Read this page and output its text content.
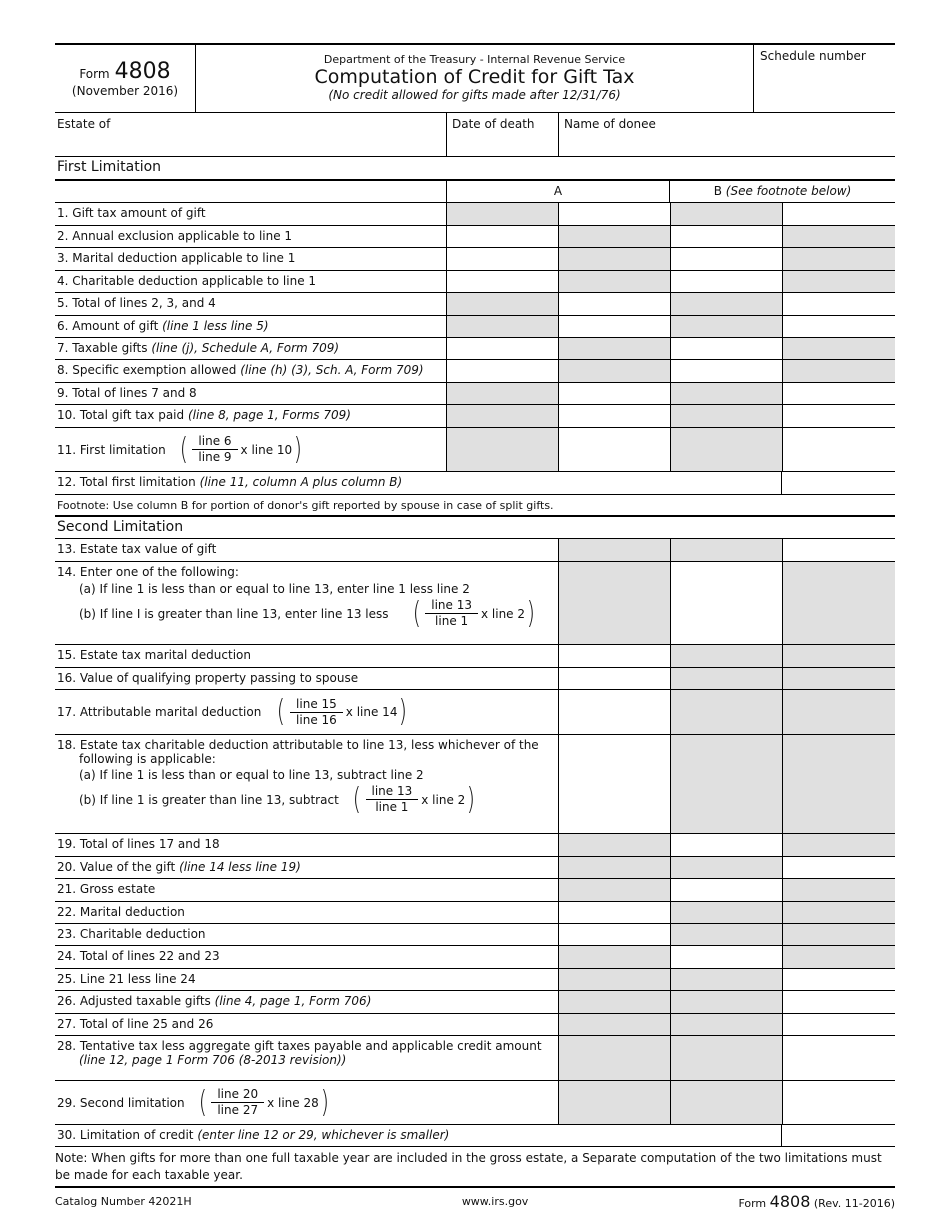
Form 4808
(November 2016)
Department of the Treasury - Internal Revenue Service
Computation of Credit for Gift Tax
(No credit allowed for gifts made after 12/31/76)
Schedule number
Estate of	Date of death	Name of donee
First Limitation
A	B (See footnote below)
1. Gift tax amount of gift
2. Annual exclusion applicable to line 1
3. Marital deduction applicable to line 1
4. Charitable deduction applicable to line 1
5. Total of lines 2, 3, and 4
6. Amount of gift (line 1 less line 5)
7. Taxable gifts (line (j), Schedule A, Form 709)
8. Specific exemption allowed (line (h) (3), Sch. A, Form 709)
9. Total of lines 7 and 8
10. Total gift tax paid (line 8, page 1, Forms 709)
11. First limitation ( $\frac{\text{line 6}}{\text{line 9}}$ x line 10 )
12. Total first limitation (line 11, column A plus column B)
Footnote: Use column B for portion of donor's gift reported by spouse in case of split gifts.
Second Limitation
13. Estate tax value of gift
14. Enter one of the following:
(a) If line 1 is less than or equal to line 13, enter line 1 less line 2
(b) If line I is greater than line 13, enter line 13 less ( $\frac{\text{line 13}}{\text{line 1}}$ x line 2 )
15. Estate tax marital deduction
16. Value of qualifying property passing to spouse
17. Attributable marital deduction ( $\frac{\text{line 15}}{\text{line 16}}$ x line 14 )
18. Estate tax charitable deduction attributable to line 13, less whichever of the
following is applicable:
(a) If line 1 is less than or equal to line 13, subtract line 2
(b) If line 1 is greater than line 13, subtract ( $\frac{\text{line 13}}{\text{line 1}}$ x line 2 )
19. Total of lines 17 and 18
20. Value of the gift (line 14 less line 19)
21. Gross estate
22. Marital deduction
23. Charitable deduction
24. Total of lines 22 and 23
25. Line 21 less line 24
26. Adjusted taxable gifts (line 4, page 1, Form 706)
27. Total of line 25 and 26
28. Tentative tax less aggregate gift taxes payable and applicable credit amount
(line 12, page 1 Form 706 (8-2013 revision))
29. Second limitation ( $\frac{\text{line 20}}{\text{line 27}}$ x line 28 )
30. Limitation of credit (enter line 12 or 29, whichever is smaller)
Note: When gifts for more than one full taxable year are included in the gross estate, a Separate computation of the two limitations must be made for each taxable year.
Catalog Number 42021H	www.irs.gov	Form 4808 (Rev. 11-2016)
